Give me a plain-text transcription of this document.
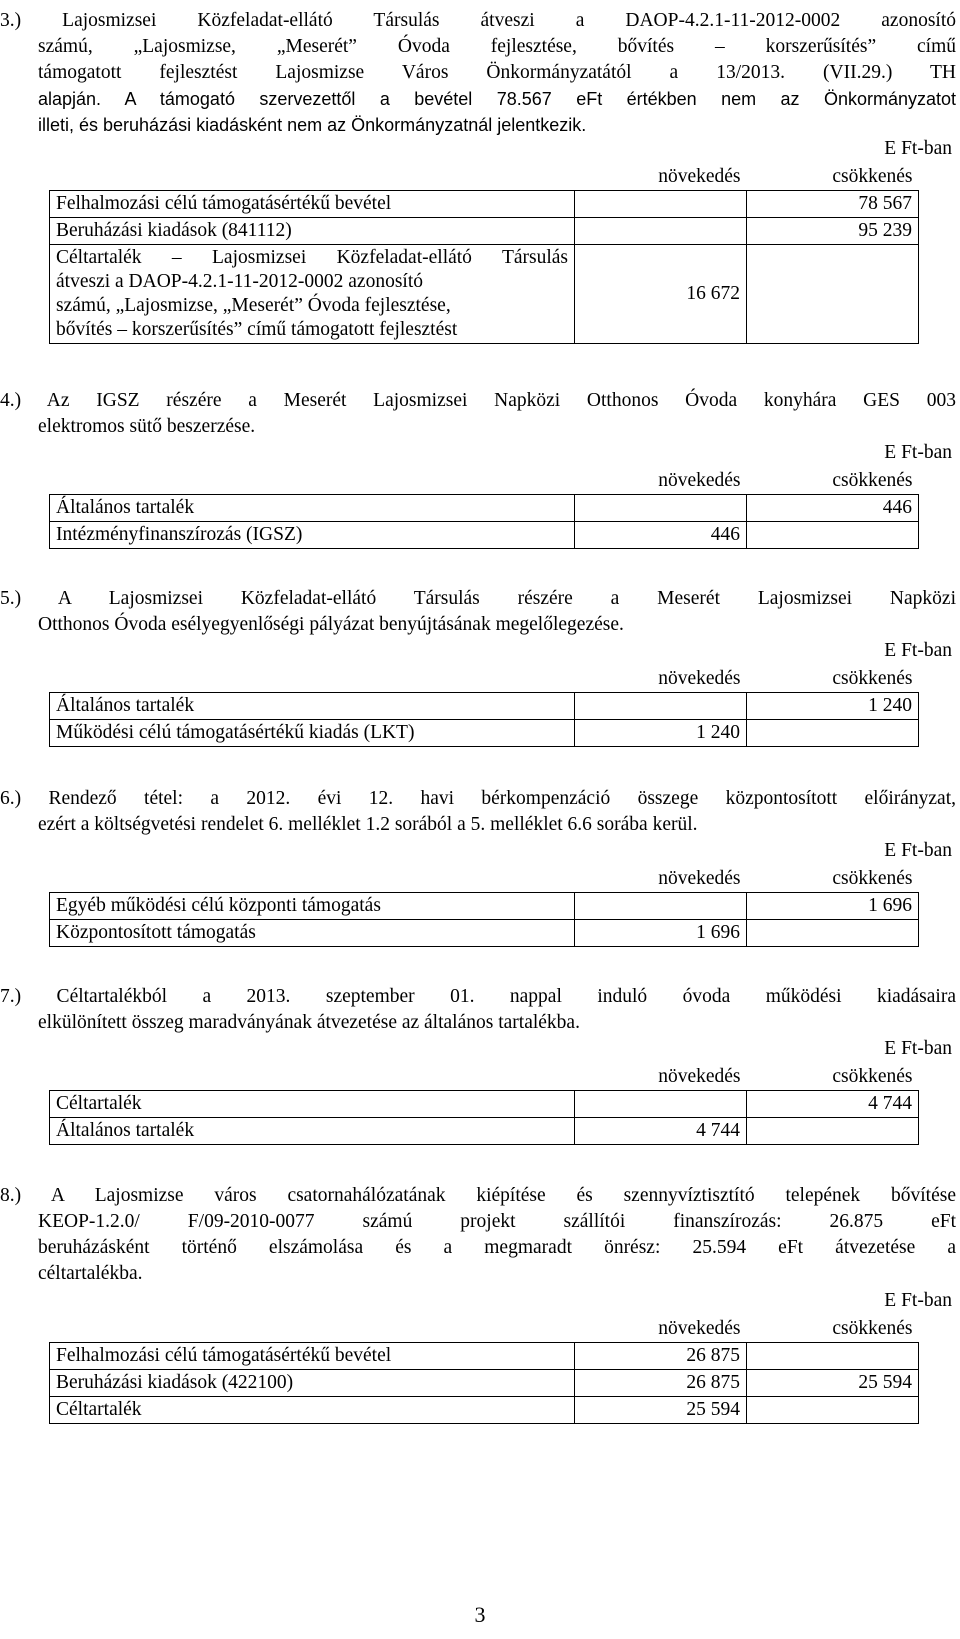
3.) Lajosmizsei Közfeladat-ellátó Társulás átveszi a DAOP-4.2.1-11-2012-0002 azonosító
számú, „Lajosmizse, „Meserét” Óvoda fejlesztése, bővítés – korszerűsítés” című
támogatott fejlesztést Lajosmizse Város Önkormányzatától a 13/2013. (VII.29.) TH
alapján. A támogató szervezettől a bevétel 78.567 eFt értékben nem az Önkormányzatot
illeti, és beruházási kiadásként nem az Önkormányzatnál jelentkezik.
E Ft-ban
	növekedés	csökkenés
Felhalmozási célú támogatásértékű bevétel		78 567
Beruházási kiadások (841112)		95 239

Céltartalék – Lajosmizsei Közfeladat-ellátó Társulás
átveszi a DAOP-4.2.1-11-2012-0002 azonosító
számú, „Lajosmizse, „Meserét” Óvoda fejlesztése,
bővítés – korszerűsítés” című támogatott fejlesztést	16 672	
4.) Az IGSZ részére a Meserét Lajosmizsei Napközi Otthonos Óvoda konyhára GES 003
elektromos sütő beszerzése.
E Ft-ban
	növekedés	csökkenés
Általános tartalék		446
Intézményfinanszírozás (IGSZ)	446	
5.) A Lajosmizsei Közfeladat-ellátó Társulás részére a Meserét Lajosmizsei Napközi
Otthonos Óvoda esélyegyenlőségi pályázat benyújtásának megelőlegezése.
E Ft-ban
	növekedés	csökkenés
Általános tartalék		1 240
Működési célú támogatásértékű kiadás (LKT)	1 240	
6.) Rendező tétel: a 2012. évi 12. havi bérkompenzáció összege központosított előirányzat,
ezért a költségvetési rendelet 6. melléklet 1.2 sorából a 5. melléklet 6.6 sorába kerül.
E Ft-ban
	növekedés	csökkenés
Egyéb működési célú központi támogatás		1 696
Központosított támogatás	1 696	
7.) Céltartalékból a 2013. szeptember 01. nappal induló óvoda működési kiadásaira
elkülönített összeg maradványának átvezetése az általános tartalékba.
E Ft-ban
	növekedés	csökkenés
Céltartalék		4 744
Általános tartalék	4 744	
8.) A Lajosmizse város csatornahálózatának kiépítése és szennyvíztisztító telepének bővítése
KEOP-1.2.0/ F/09-2010-0077 számú projekt szállítói finanszírozás: 26.875 eFt
beruházásként történő elszámolása és a megmaradt önrész: 25.594 eFt átvezetése a
céltartalékba.
E Ft-ban
	növekedés	csökkenés
Felhalmozási célú támogatásértékű bevétel	26 875	
Beruházási kiadások (422100)	26 875	25 594
Céltartalék	25 594	
3
